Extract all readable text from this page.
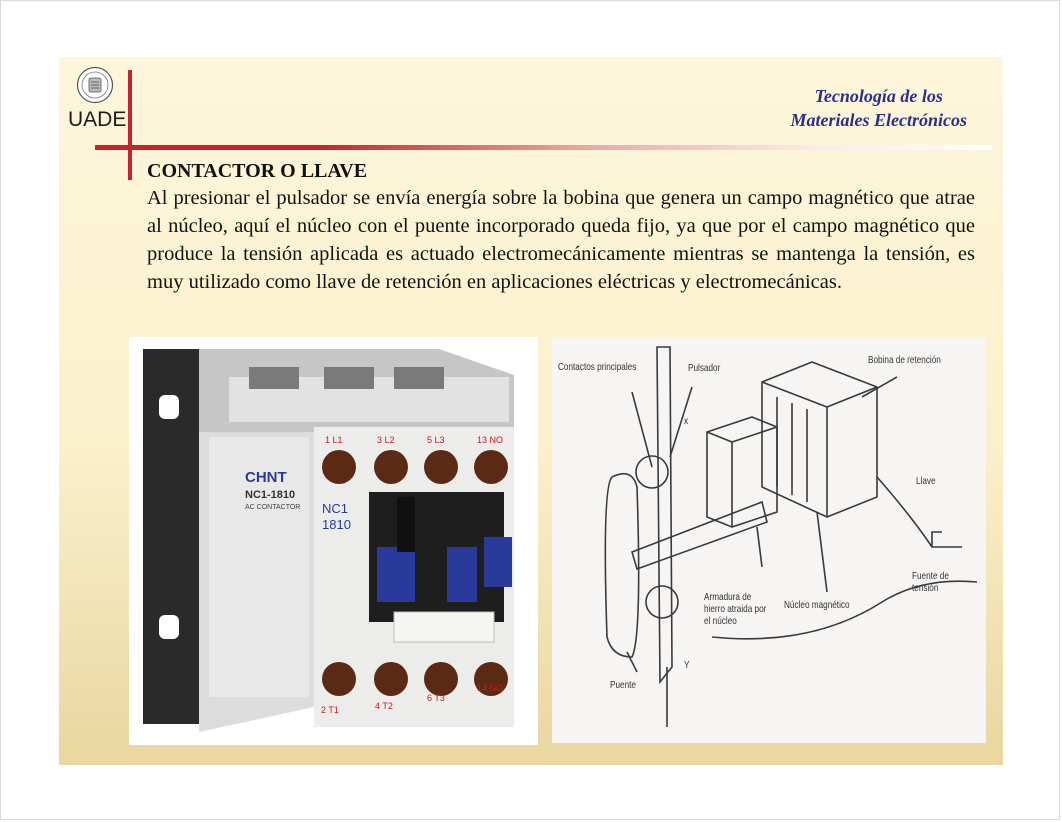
UADE
Tecnología de los
Materiales Electrónicos
CONTACTOR O LLAVE

Al presionar el pulsador se envía energía sobre la bobina que genera un campo magnético que atrae al núcleo, aquí el núcleo con el puente incorporado queda fijo, ya que por el campo magnético que produce la tensión aplicada es actuado electromecánicamente mientras se mantenga la tensión, es muy utilizado como llave de retención en aplicaciones eléctricas y electromecánicas.

CHNT
NC1-1810
AC CONTACTOR NC1
1810
1 L1	3 L2	5 L3	13 NO
2 T1	4 T2
6 T3
14 NO
Contactos principales	Pulsador
Bobina de retención
Llave
Fuente de tensión
Armadura de hierro atraida por el núcleo
Núcleo magnético
Puente
x
Y
